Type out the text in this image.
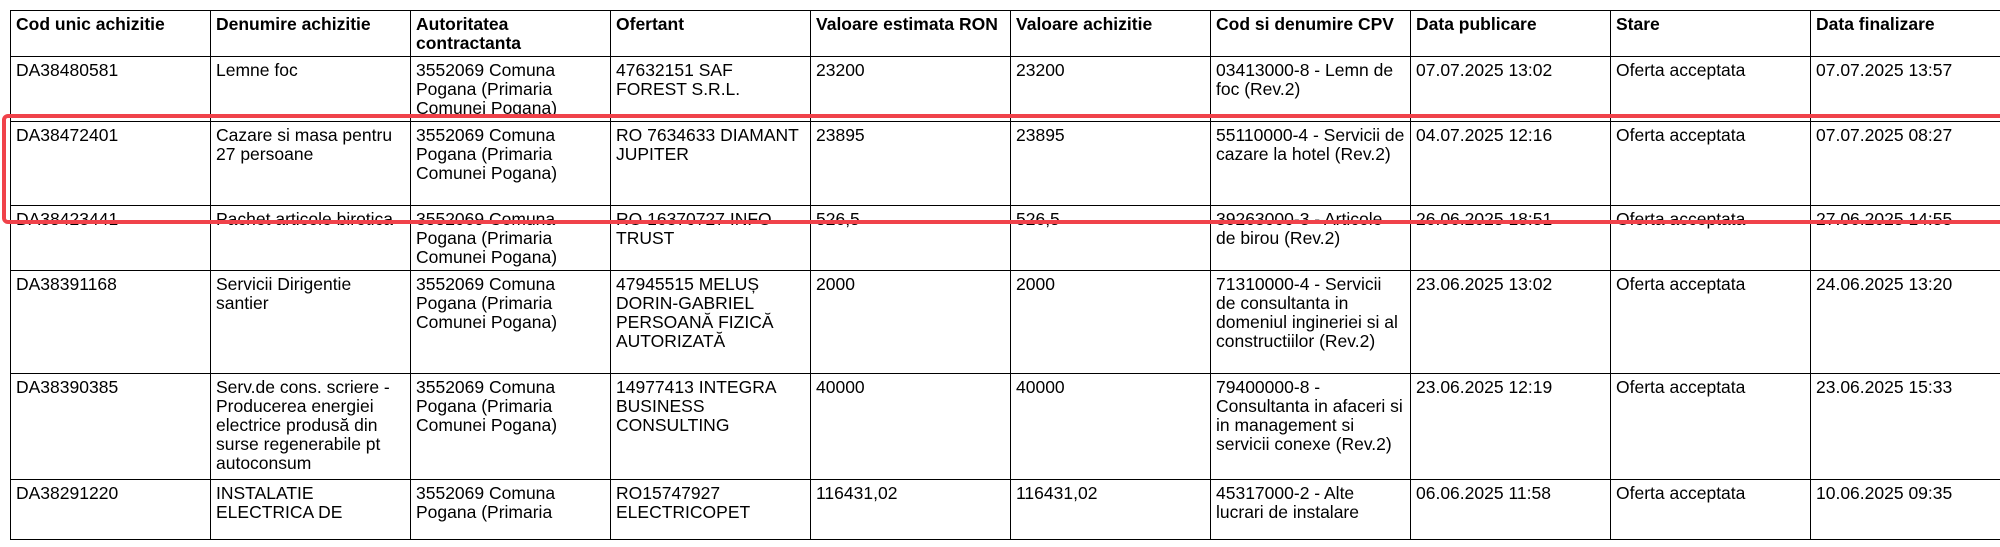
Cod unic achizitie	Denumire achizitie	Autoritatea contractanta	Ofertant	Valoare estimata RON	Valoare achizitie	Cod si denumire CPV	Data publicare	Stare	Data finalizare
DA38480581	Lemne foc	3552069 Comuna Pogana (Primaria Comunei Pogana)	47632151 SAF FOREST S.R.L.	23200	23200	03413000-8 - Lemn de foc (Rev.2)	07.07.2025 13:02	Oferta acceptata	07.07.2025 13:57
DA38472401	Cazare si masa pentru 27 persoane	3552069 Comuna Pogana (Primaria Comunei Pogana)	RO 7634633 DIAMANT JUPITER	23895	23895	55110000-4 - Servicii de cazare la hotel (Rev.2)	04.07.2025 12:16	Oferta acceptata	07.07.2025 08:27
DA38423441	Pachet articole birotica	3552069 Comuna Pogana (Primaria Comunei Pogana)	RO 16370727 INFO TRUST	526,5	526,5	39263000-3 - Articole de birou (Rev.2)	26.06.2025 18:51	Oferta acceptata	27.06.2025 14:55
DA38391168	Servicii Dirigentie santier	3552069 Comuna Pogana (Primaria Comunei Pogana)	47945515 MELUȘ DORIN-GABRIEL PERSOANĂ FIZICĂ AUTORIZATĂ	2000	2000	71310000-4 - Servicii de consultanta in domeniul ingineriei si al constructiilor (Rev.2)	23.06.2025 13:02	Oferta acceptata	24.06.2025 13:20
DA38390385	Serv.de cons. scriere - Producerea energiei electrice produsă din surse regenerabile pt autoconsum	3552069 Comuna Pogana (Primaria Comunei Pogana)	14977413 INTEGRA BUSINESS CONSULTING	40000	40000	79400000-8 - Consultanta in afaceri si in management si servicii conexe (Rev.2)	23.06.2025 12:19	Oferta acceptata	23.06.2025 15:33
DA38291220	INSTALATIE ELECTRICA DE	3552069 Comuna Pogana (Primaria	RO15747927 ELECTRICOPET	116431,02	116431,02	45317000-2 - Alte lucrari de instalare	06.06.2025 11:58	Oferta acceptata	10.06.2025 09:35
